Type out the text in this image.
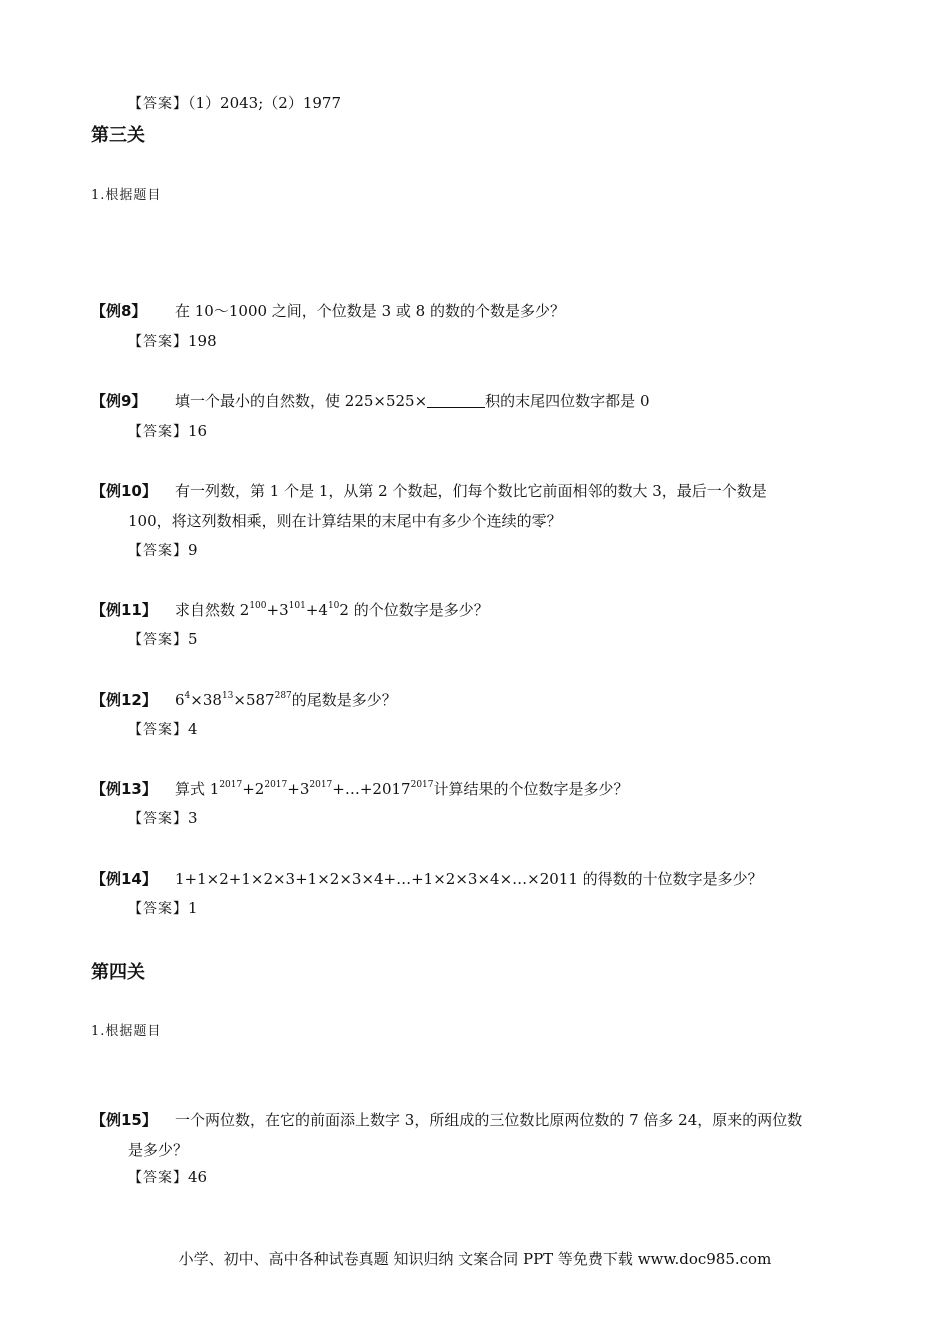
【答案】（1）2043;（2）1977
第三关
1.根据题目
【例8】 在 10～1000 之间，个位数是 3 或 8 的数的个数是多少？
【答案】198
【例9】 填一个最小的自然数，使 225×525×	积的末尾四位数字都是 0
【答案】16
【例10】 有一列数，第 1 个是 1，从第 2 个数起，们每个数比它前面相邻的数大 3，最后一个数是
100，将这列数相乘，则在计算结果的末尾中有多少个连续的零？
【答案】9
【例11】 求自然数 $2^{100}+3^{101}+4^{10}2$ 的个位数字是多少？
【答案】5
【例12】 $6^4\times 38^{13}\times 587^{287}$的尾数是多少？
【答案】4
【例13】 算式 $1^{2017}+2^{2017}+3^{2017}+\dots+2017^{2017}$计算结果的个位数字是多少？
【答案】3
【例14】 1+1×2+1×2×3+1×2×3×4+…+1×2×3×4×…×2011 的得数的十位数字是多少？
【答案】1
第四关
1.根据题目
【例15】 一个两位数，在它的前面添上数字 3，所组成的三位数比原两位数的 7 倍多 24，原来的两位数
是多少？
【答案】46
小学、初中、高中各种试卷真题 知识归纳 文案合同 PPT 等免费下载 www.doc985.com
